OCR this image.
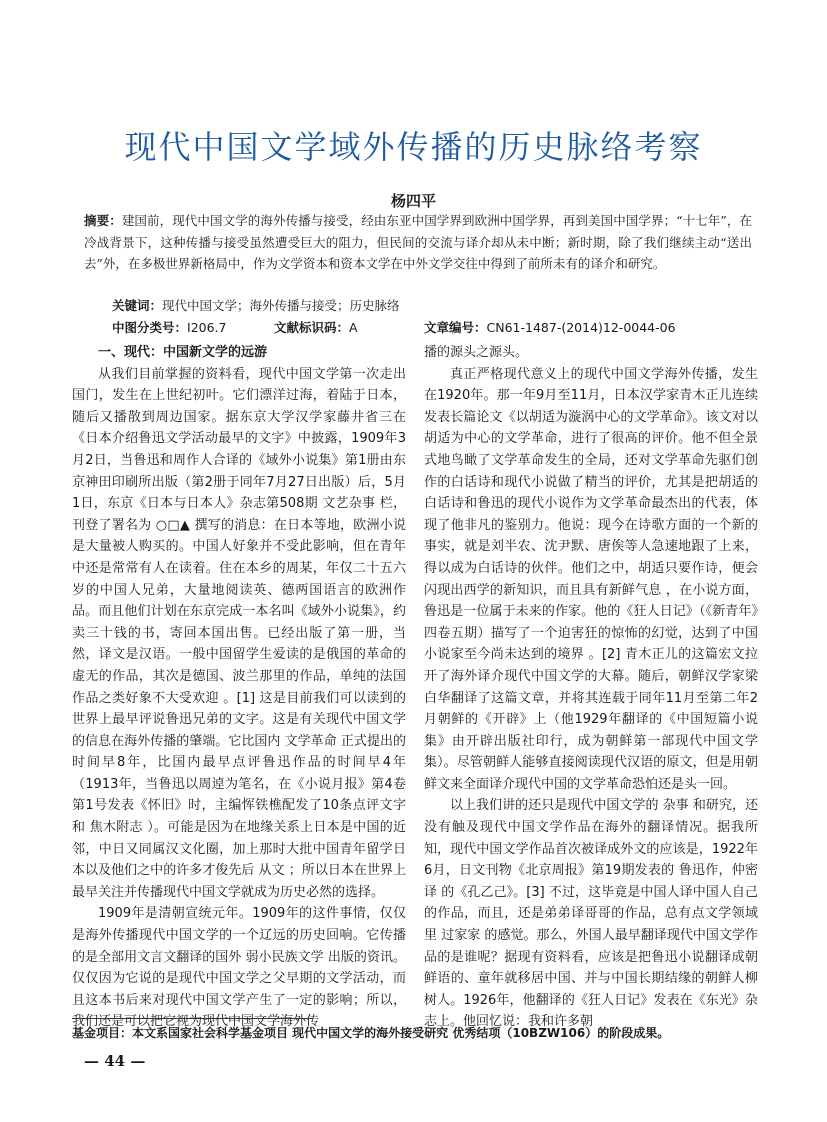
现代中国文学域外传播的历史脉络考察
杨四平
摘要：建国前，现代中国文学的海外传播与接受，经由东亚中国学界到欧洲中国学界，再到美国中国学界；“十七年”，在冷战背景下，这种传播与接受虽然遭受巨大的阻力，但民间的交流与译介却从未中断；新时期，除了我们继续主动“送出去”外，在多极世界新格局中，作为文学资本和资本文学在中外文学交往中得到了前所未有的译介和研究。
关键词：现代中国文学；海外传播与接受；历史脉络
中图分类号：I206.7	文献标识码：A	文章编号：CN61-1487-(2014)12-0044-06
一、现代：中国新文学的远游

从我们目前掌握的资料看，现代中国文学第一次走出国门，发生在上世纪初叶。它们漂洋过海，着陆于日本，随后又播散到周边国家。据东京大学汉学家藤井省三在《日本介绍鲁迅文学活动最早的文字》中披露，1909年3月2日，当鲁迅和周作人合译的《域外小说集》第1册由东京神田印刷所出版（第2册于同年7月27日出版）后，5月1日，东京《日本与日本人》杂志第508期 文艺杂事 栏，刊登了署名为 ○□▲ 撰写的消息：在日本等地，欧洲小说是大量被人购买的。中国人好象并不受此影响，但在青年中还是常常有人在读着。住在本乡的周某，年仅二十五六岁的中国人兄弟，大量地阅读英、德两国语言的欧洲作品。而且他们计划在东京完成一本名叫《域外小说集》，约卖三十钱的书，寄回本国出售。已经出版了第一册，当然，译文是汉语。一般中国留学生爱读的是俄国的革命的虚无的作品，其次是德国、波兰那里的作品，单纯的法国作品之类好象不大受欢迎 。[1] 这是目前我们可以读到的世界上最早评说鲁迅兄弟的文字。这是有关现代中国文学的信息在海外传播的肇端。它比国内 文学革命 正式提出的时间早8年，比国内最早点评鲁迅作品的时间早4年（1913年，当鲁迅以周逴为笔名，在《小说月报》第4卷第1号发表《怀旧》时，主编恽铁樵配发了10条点评文字和 焦木附志 ）。可能是因为在地缘关系上日本是中国的近邻，中日又同属汉文化圈，加上那时大批中国青年留学日本以及他们之中的许多才俊先后 从文 ；所以日本在世界上最早关注并传播现代中国文学就成为历史必然的选择。

1909年是清朝宣统元年。1909年的这件事情，仅仅是海外传播现代中国文学的一个辽远的历史回响。它传播的是全部用文言文翻译的国外 弱小民族文学 出版的资讯。仅仅因为它说的是现代中国文学之父早期的文学活动，而且这本书后来对现代中国文学产生了一定的影响；所以，我们还是可以把它视为现代中国文学海外传

播的源头之源头。

真正严格现代意义上的现代中国文学海外传播，发生在1920年。那一年9月至11月，日本汉学家青木正儿连续发表长篇论文《以胡适为漩涡中心的文学革命》。该文对以胡适为中心的文学革命，进行了很高的评价。他不但全景式地鸟瞰了文学革命发生的全局，还对文学革命先驱们创作的白话诗和现代小说做了精当的评价，尤其是把胡适的白话诗和鲁迅的现代小说作为文学革命最杰出的代表，体现了他非凡的鉴别力。他说：现今在诗歌方面的一个新的事实，就是刘半农、沈尹默、唐俟等人急速地跟了上来，得以成为白话诗的伙伴。他们之中，胡适只要作诗，便会闪现出西学的新知识，而且具有新鲜气息 ，在小说方面，鲁迅是一位属于未来的作家。他的《狂人日记》（《新青年》四卷五期）描写了一个迫害狂的惊怖的幻觉，达到了中国小说家至今尚未达到的境界 。[2] 青木正儿的这篇宏文拉开了海外译介现代中国文学的大幕。随后，朝鲜汉学家梁白华翻译了这篇文章，并将其连载于同年11月至第二年2月朝鲜的《开辟》上（他1929年翻译的《中国短篇小说集》由开辟出版社印行，成为朝鲜第一部现代中国文学集）。尽管朝鲜人能够直接阅读现代汉语的原文，但是用朝鲜文来全面译介现代中国的文学革命恐怕还是头一回。

以上我们讲的还只是现代中国文学的 杂事 和研究，还没有触及现代中国文学作品在海外的翻译情况。据我所知，现代中国文学作品首次被译成外文的应该是，1922年6月，日文刊物《北京周报》第19期发表的 鲁迅作，仲密译 的《孔乙己》。[3] 不过，这毕竟是中国人译中国人自己的作品，而且，还是弟弟译哥哥的作品，总有点文学领域里 过家家 的感觉。那么，外国人最早翻译现代中国文学作品的是谁呢？据现有资料看，应该是把鲁迅小说翻译成朝鲜语的、童年就移居中国、并与中国长期结缘的朝鲜人柳树人。1926年，他翻译的《狂人日记》发表在《东光》杂志上。他回忆说：我和许多朝

基金项目：本文系国家社会科学基金项目 现代中国文学的海外接受研究 优秀结项（10BZW106）的阶段成果。
— 44 —
